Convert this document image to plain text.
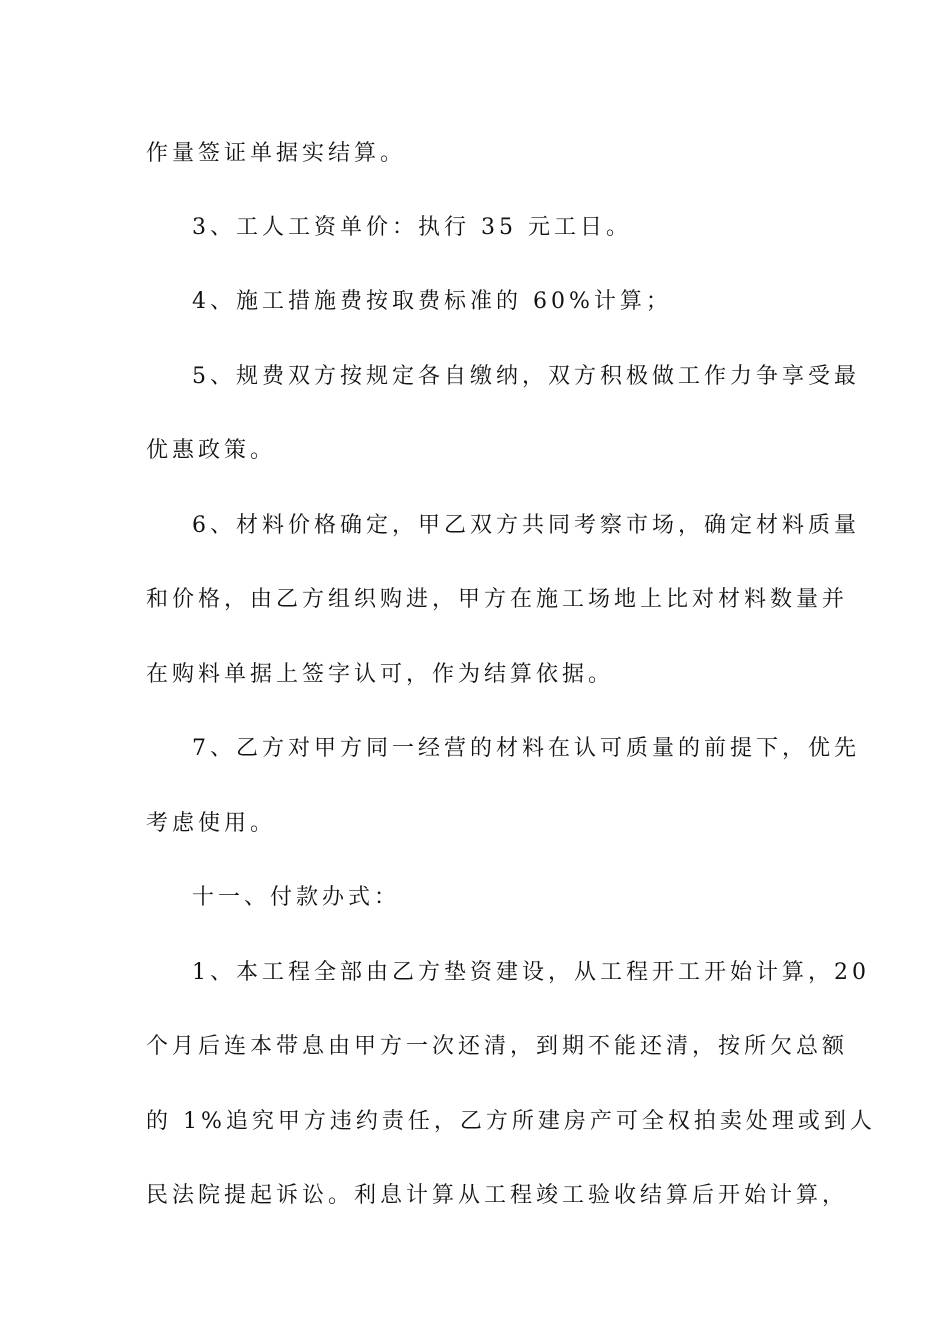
作量签证单据实结算。
3、工人工资单价：执行 35 元工日。
4、施工措施费按取费标准的 60%计算；
5、规费双方按规定各自缴纳，双方积极做工作力争享受最
优惠政策。
6、材料价格确定，甲乙双方共同考察市场，确定材料质量
和价格，由乙方组织购进，甲方在施工场地上比对材料数量并
在购料单据上签字认可，作为结算依据。
7、乙方对甲方同一经营的材料在认可质量的前提下，优先
考虑使用。
十一、付款办式：
1、本工程全部由乙方垫资建设，从工程开工开始计算，20
个月后连本带息由甲方一次还清，到期不能还清，按所欠总额
的 1%追究甲方违约责任，乙方所建房产可全权拍卖处理或到人
民法院提起诉讼。利息计算从工程竣工验收结算后开始计算，
